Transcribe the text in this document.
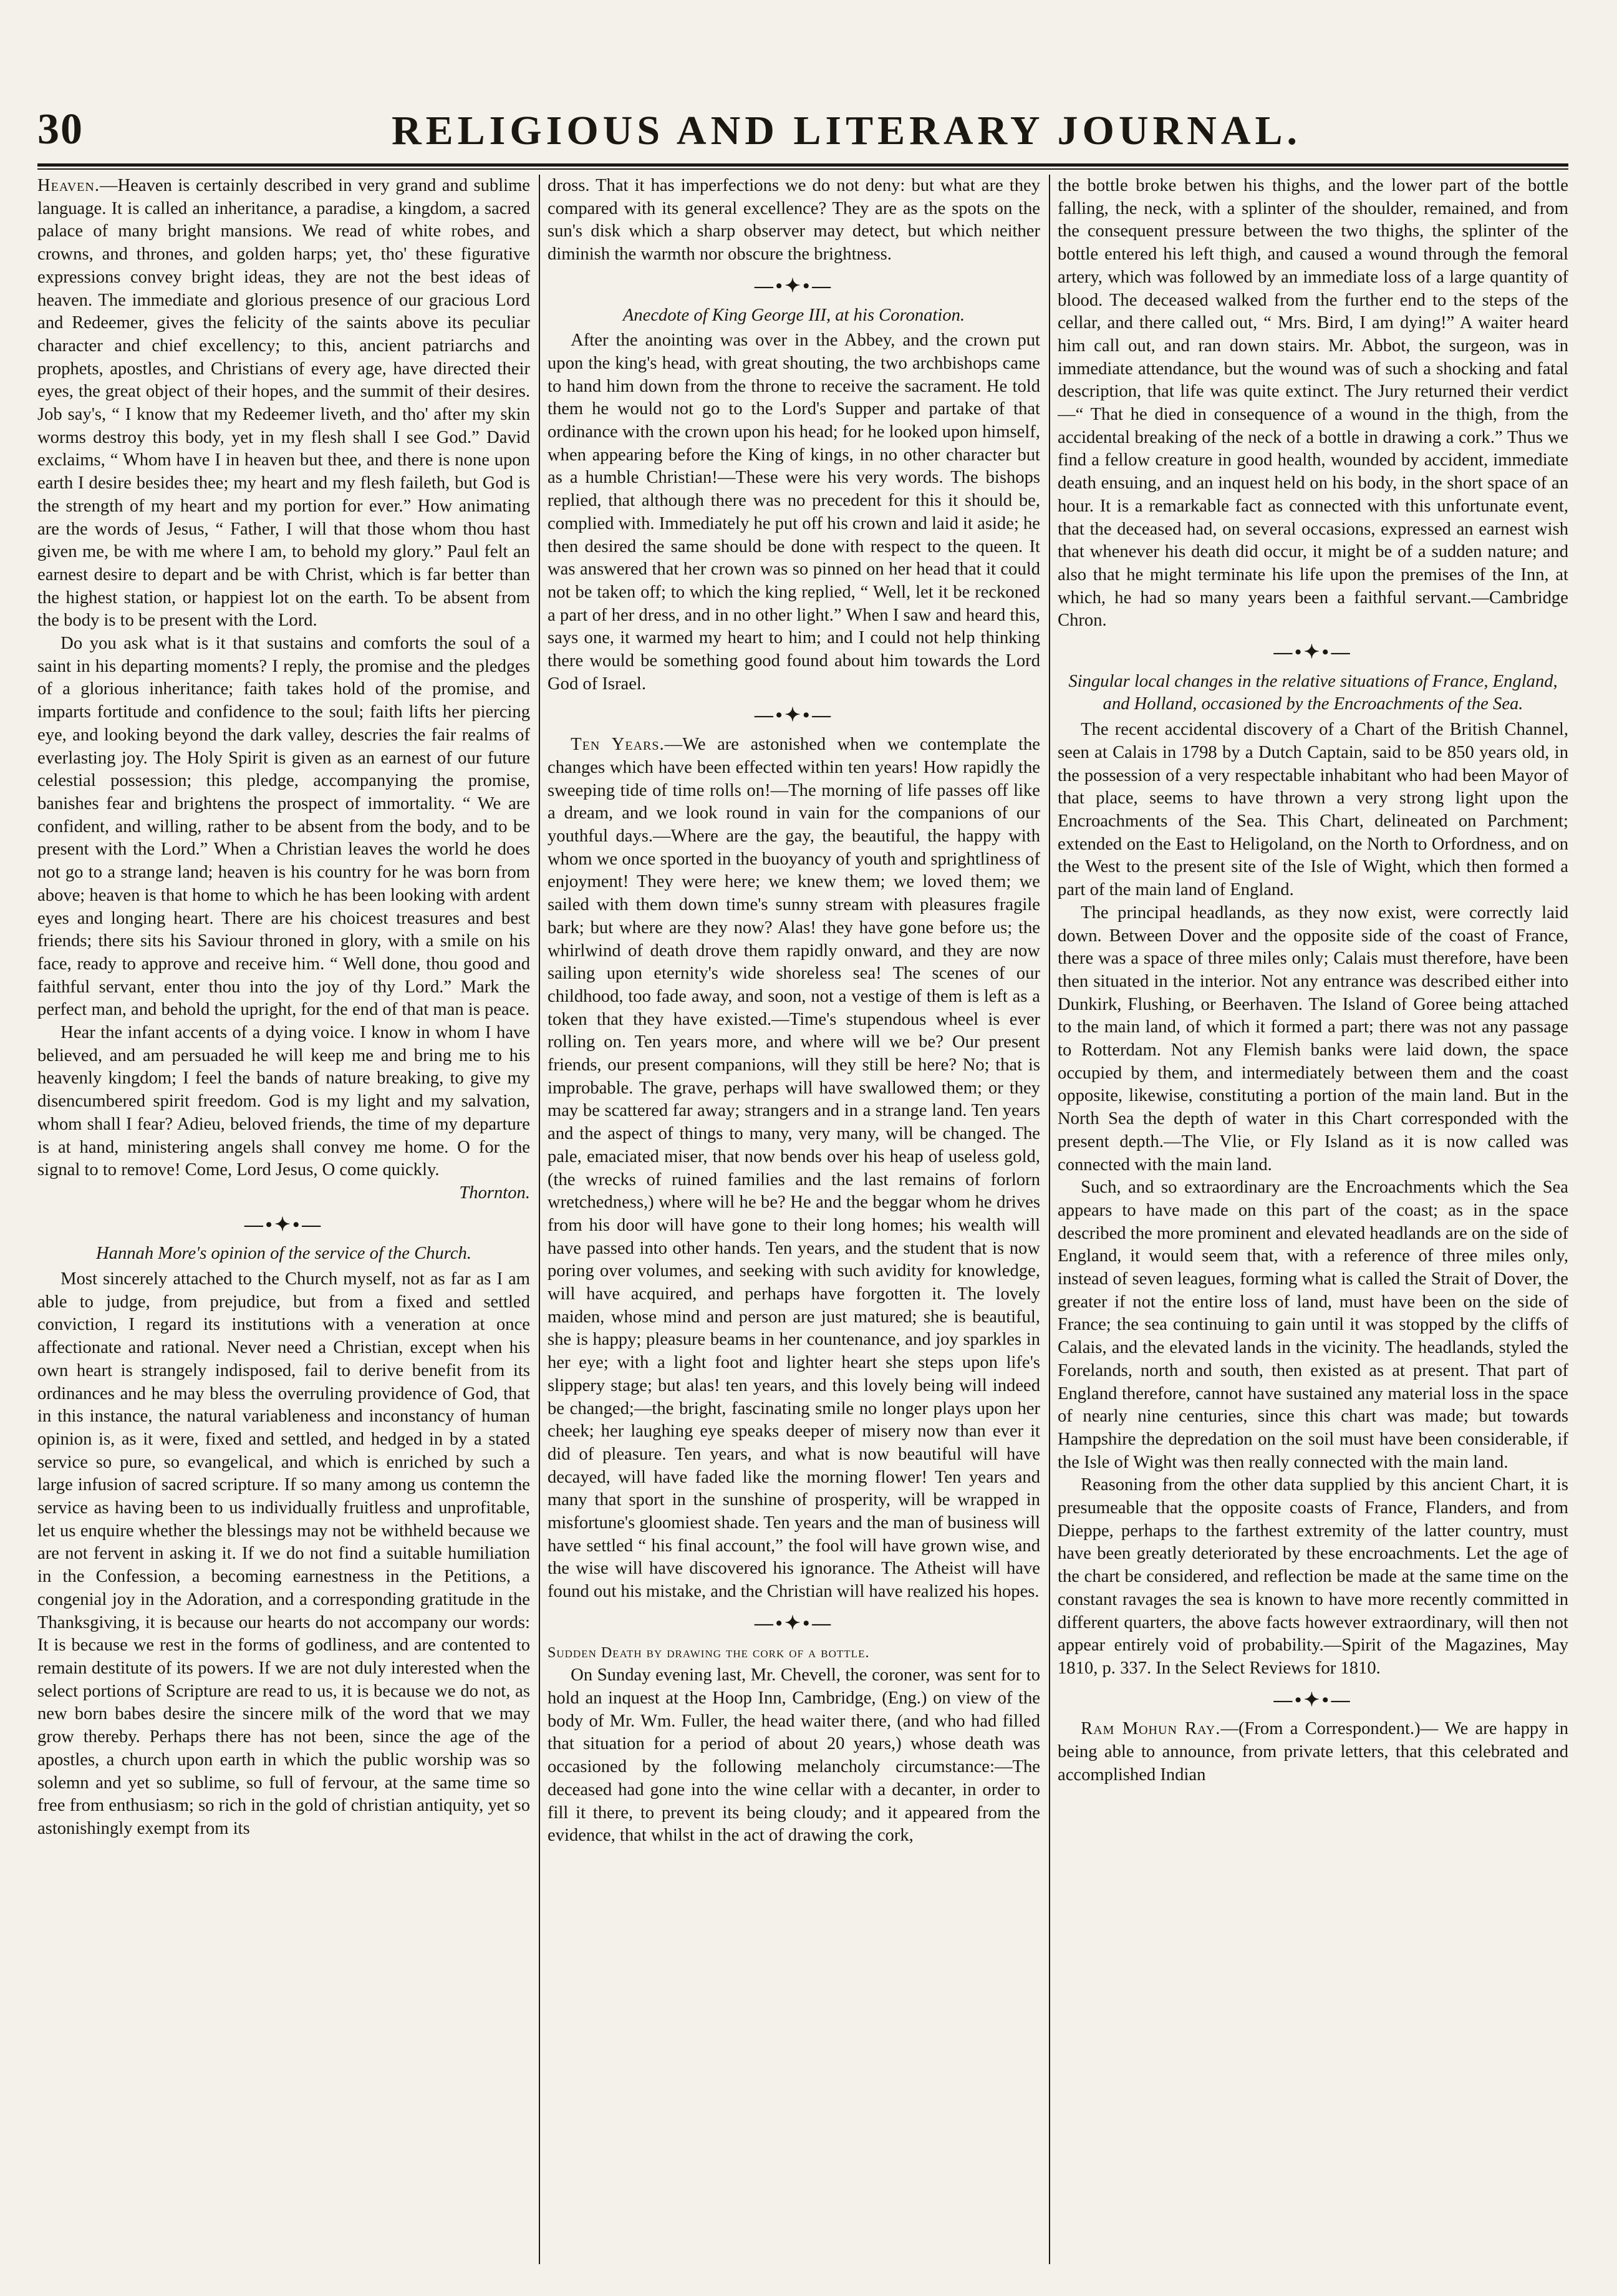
30	RELIGIOUS AND LITERARY JOURNAL.

Heaven.—Heaven is certainly described in very grand and sublime language. It is called an inheritance, a paradise, a kingdom, a sacred palace of many bright mansions. We read of white robes, and crowns, and thrones, and golden harps; yet, tho' these figurative expressions convey bright ideas, they are not the best ideas of heaven. The immediate and glorious presence of our gracious Lord and Redeemer, gives the felicity of the saints above its peculiar character and chief excellency; to this, ancient patriarchs and prophets, apostles, and Christians of every age, have directed their eyes, the great object of their hopes, and the summit of their desires. Job say's, “ I know that my Redeemer liveth, and tho' after my skin worms destroy this body, yet in my flesh shall I see God.” David exclaims, “ Whom have I in heaven but thee, and there is none upon earth I desire besides thee; my heart and my flesh faileth, but God is the strength of my heart and my portion for ever.” How animating are the words of Jesus, “ Father, I will that those whom thou hast given me, be with me where I am, to behold my glory.” Paul felt an earnest desire to depart and be with Christ, which is far better than the highest station, or happiest lot on the earth. To be absent from the body is to be present with the Lord.

Do you ask what is it that sustains and comforts the soul of a saint in his departing moments? I reply, the promise and the pledges of a glorious inheritance; faith takes hold of the promise, and imparts fortitude and confidence to the soul; faith lifts her piercing eye, and looking beyond the dark valley, descries the fair realms of everlasting joy. The Holy Spirit is given as an earnest of our future celestial possession; this pledge, accompanying the promise, banishes fear and brightens the prospect of immortality. “ We are confident, and willing, rather to be absent from the body, and to be present with the Lord.” When a Christian leaves the world he does not go to a strange land; heaven is his country for he was born from above; heaven is that home to which he has been looking with ardent eyes and longing heart. There are his choicest treasures and best friends; there sits his Saviour throned in glory, with a smile on his face, ready to approve and receive him. “ Well done, thou good and faithful servant, enter thou into the joy of thy Lord.” Mark the perfect man, and behold the upright, for the end of that man is peace.

Hear the infant accents of a dying voice. I know in whom I have believed, and am persuaded he will keep me and bring me to his heavenly kingdom; I feel the bands of nature breaking, to give my disencumbered spirit freedom. God is my light and my salvation, whom shall I fear? Adieu, beloved friends, the time of my departure is at hand, ministering angels shall convey me home. O for the signal to to remove! Come, Lord Jesus, O come quickly.

Thornton.

—•✦•—

Hannah More's opinion of the service of the Church.

Most sincerely attached to the Church myself, not as far as I am able to judge, from prejudice, but from a fixed and settled conviction, I regard its institutions with a veneration at once affectionate and rational. Never need a Christian, except when his own heart is strangely indisposed, fail to derive benefit from its ordinances and he may bless the overruling providence of God, that in this instance, the natural variableness and inconstancy of human opinion is, as it were, fixed and settled, and hedged in by a stated service so pure, so evangelical, and which is enriched by such a large infusion of sacred scripture. If so many among us contemn the service as having been to us individually fruitless and unprofitable, let us enquire whether the blessings may not be withheld because we are not fervent in asking it. If we do not find a suitable humiliation in the Confession, a becoming earnestness in the Petitions, a congenial joy in the Adoration, and a corresponding gratitude in the Thanksgiving, it is because our hearts do not accompany our words: It is because we rest in the forms of godliness, and are contented to remain destitute of its powers. If we are not duly interested when the select portions of Scripture are read to us, it is because we do not, as new born babes desire the sincere milk of the word that we may grow thereby. Perhaps there has not been, since the age of the apostles, a church upon earth in which the public worship was so solemn and yet so sublime, so full of fervour, at the same time so free from enthusiasm; so rich in the gold of christian antiquity, yet so astonishingly exempt from its

dross. That it has imperfections we do not deny: but what are they compared with its general excellence? They are as the spots on the sun's disk which a sharp observer may detect, but which neither diminish the warmth nor obscure the brightness.

—•✦•—

Anecdote of King George III, at his Coronation.

After the anointing was over in the Abbey, and the crown put upon the king's head, with great shouting, the two archbishops came to hand him down from the throne to receive the sacrament. He told them he would not go to the Lord's Supper and partake of that ordinance with the crown upon his head; for he looked upon himself, when appearing before the King of kings, in no other character but as a humble Christian!—These were his very words. The bishops replied, that although there was no precedent for this it should be, complied with. Immediately he put off his crown and laid it aside; he then desired the same should be done with respect to the queen. It was answered that her crown was so pinned on her head that it could not be taken off; to which the king replied, “ Well, let it be reckoned a part of her dress, and in no other light.” When I saw and heard this, says one, it warmed my heart to him; and I could not help thinking there would be something good found about him towards the Lord God of Israel.

—•✦•—

Ten Years.—We are astonished when we contemplate the changes which have been effected within ten years! How rapidly the sweeping tide of time rolls on!—The morning of life passes off like a dream, and we look round in vain for the companions of our youthful days.—Where are the gay, the beautiful, the happy with whom we once sported in the buoyancy of youth and sprightliness of enjoyment! They were here; we knew them; we loved them; we sailed with them down time's sunny stream with pleasures fragile bark; but where are they now? Alas! they have gone before us; the whirlwind of death drove them rapidly onward, and they are now sailing upon eternity's wide shoreless sea! The scenes of our childhood, too fade away, and soon, not a vestige of them is left as a token that they have existed.—Time's stupendous wheel is ever rolling on. Ten years more, and where will we be? Our present friends, our present companions, will they still be here? No; that is improbable. The grave, perhaps will have swallowed them; or they may be scattered far away; strangers and in a strange land. Ten years and the aspect of things to many, very many, will be changed. The pale, emaciated miser, that now bends over his heap of useless gold, (the wrecks of ruined families and the last remains of forlorn wretchedness,) where will he be? He and the beggar whom he drives from his door will have gone to their long homes; his wealth will have passed into other hands. Ten years, and the student that is now poring over volumes, and seeking with such avidity for knowledge, will have acquired, and perhaps have forgotten it. The lovely maiden, whose mind and person are just matured; she is beautiful, she is happy; pleasure beams in her countenance, and joy sparkles in her eye; with a light foot and lighter heart she steps upon life's slippery stage; but alas! ten years, and this lovely being will indeed be changed;—the bright, fascinating smile no longer plays upon her cheek; her laughing eye speaks deeper of misery now than ever it did of pleasure. Ten years, and what is now beautiful will have decayed, will have faded like the morning flower! Ten years and many that sport in the sunshine of prosperity, will be wrapped in misfortune's gloomiest shade. Ten years and the man of business will have settled “ his final account,” the fool will have grown wise, and the wise will have discovered his ignorance. The Atheist will have found out his mistake, and the Christian will have realized his hopes.

—•✦•—

Sudden Death by drawing the cork of a bottle.

On Sunday evening last, Mr. Chevell, the coroner, was sent for to hold an inquest at the Hoop Inn, Cambridge, (Eng.) on view of the body of Mr. Wm. Fuller, the head waiter there, (and who had filled that situation for a period of about 20 years,) whose death was occasioned by the following melancholy circumstance:—The deceased had gone into the wine cellar with a decanter, in order to fill it there, to prevent its being cloudy; and it appeared from the evidence, that whilst in the act of drawing the cork,

the bottle broke betwen his thighs, and the lower part of the bottle falling, the neck, with a splinter of the shoulder, remained, and from the consequent pressure between the two thighs, the splinter of the bottle entered his left thigh, and caused a wound through the femoral artery, which was followed by an immediate loss of a large quantity of blood. The deceased walked from the further end to the steps of the cellar, and there called out, “ Mrs. Bird, I am dying!” A waiter heard him call out, and ran down stairs. Mr. Abbot, the surgeon, was in immediate attendance, but the wound was of such a shocking and fatal description, that life was quite extinct. The Jury returned their verdict—“ That he died in consequence of a wound in the thigh, from the accidental breaking of the neck of a bottle in drawing a cork.” Thus we find a fellow creature in good health, wounded by accident, immediate death ensuing, and an inquest held on his body, in the short space of an hour. It is a remarkable fact as connected with this unfortunate event, that the deceased had, on several occasions, expressed an earnest wish that whenever his death did occur, it might be of a sudden nature; and also that he might terminate his life upon the premises of the Inn, at which, he had so many years been a faithful servant.—Cambridge Chron.

—•✦•—

Singular local changes in the relative situations of France, England, and Holland, occasioned by the Encroachments of the Sea.

The recent accidental discovery of a Chart of the British Channel, seen at Calais in 1798 by a Dutch Captain, said to be 850 years old, in the possession of a very respectable inhabitant who had been Mayor of that place, seems to have thrown a very strong light upon the Encroachments of the Sea. This Chart, delineated on Parchment; extended on the East to Heligoland, on the North to Orfordness, and on the West to the present site of the Isle of Wight, which then formed a part of the main land of England.

The principal headlands, as they now exist, were correctly laid down. Between Dover and the opposite side of the coast of France, there was a space of three miles only; Calais must therefore, have been then situated in the interior. Not any entrance was described either into Dunkirk, Flushing, or Beerhaven. The Island of Goree being attached to the main land, of which it formed a part; there was not any passage to Rotterdam. Not any Flemish banks were laid down, the space occupied by them, and intermediately between them and the coast opposite, likewise, constituting a portion of the main land. But in the North Sea the depth of water in this Chart corresponded with the present depth.—The Vlie, or Fly Island as it is now called was connected with the main land.

Such, and so extraordinary are the Encroachments which the Sea appears to have made on this part of the coast; as in the space described the more prominent and elevated headlands are on the side of England, it would seem that, with a reference of three miles only, instead of seven leagues, forming what is called the Strait of Dover, the greater if not the entire loss of land, must have been on the side of France; the sea continuing to gain until it was stopped by the cliffs of Calais, and the elevated lands in the vicinity. The headlands, styled the Forelands, north and south, then existed as at present. That part of England therefore, cannot have sustained any material loss in the space of nearly nine centuries, since this chart was made; but towards Hampshire the depredation on the soil must have been considerable, if the Isle of Wight was then really connected with the main land.

Reasoning from the other data supplied by this ancient Chart, it is presumeable that the opposite coasts of France, Flanders, and from Dieppe, perhaps to the farthest extremity of the latter country, must have been greatly deteriorated by these encroachments. Let the age of the chart be considered, and reflection be made at the same time on the constant ravages the sea is known to have more recently committed in different quarters, the above facts however extraordinary, will then not appear entirely void of probability.—Spirit of the Magazines, May 1810, p. 337. In the Select Reviews for 1810.

—•✦•—

Ram Mohun Ray.—(From a Correspondent.)— We are happy in being able to announce, from private letters, that this celebrated and accomplished Indian
